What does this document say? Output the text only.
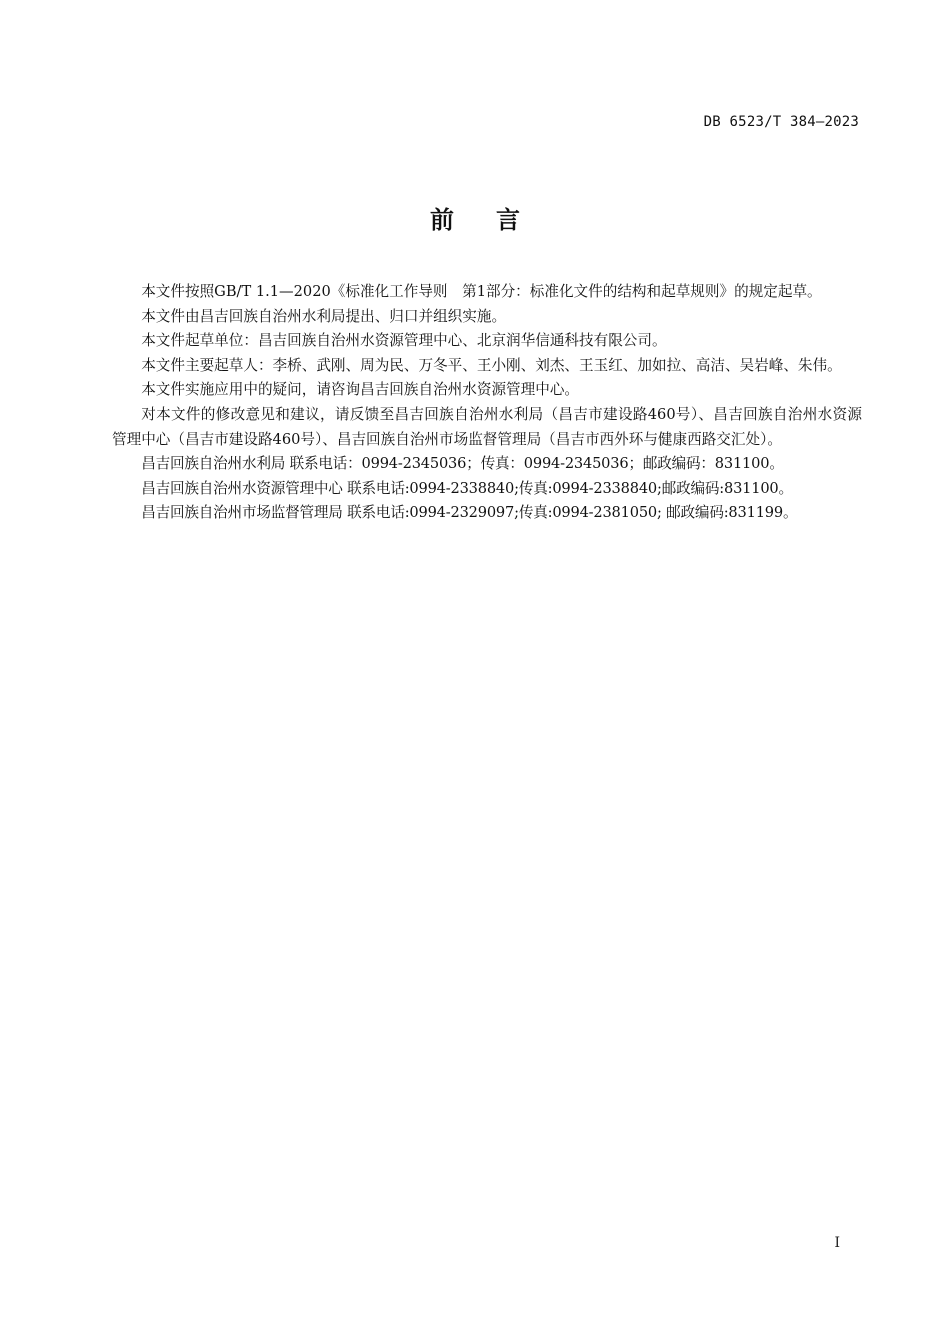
DB 6523/T 384—2023
前言

本文件按照GB/T 1.1—2020《标准化工作导则　第1部分：标准化文件的结构和起草规则》的规定起草。

本文件由昌吉回族自治州水利局提出、归口并组织实施。

本文件起草单位：昌吉回族自治州水资源管理中心、北京润华信通科技有限公司。

本文件主要起草人：李桥、武刚、周为民、万冬平、王小刚、刘杰、王玉红、加如拉、高洁、吴岩峰、朱伟。

本文件实施应用中的疑问，请咨询昌吉回族自治州水资源管理中心。

对本文件的修改意见和建议，请反馈至昌吉回族自治州水利局（昌吉市建设路460号）、昌吉回族自治州水资源管理中心（昌吉市建设路460号）、昌吉回族自治州市场监督管理局（昌吉市西外环与健康西路交汇处）。

昌吉回族自治州水利局 联系电话：0994-2345036；传真：0994-2345036；邮政编码：831100。

昌吉回族自治州水资源管理中心 联系电话:0994-2338840;传真:0994-2338840;邮政编码:831100。

昌吉回族自治州市场监督管理局 联系电话:0994-2329097;传真:0994-2381050; 邮政编码:831199。

I
